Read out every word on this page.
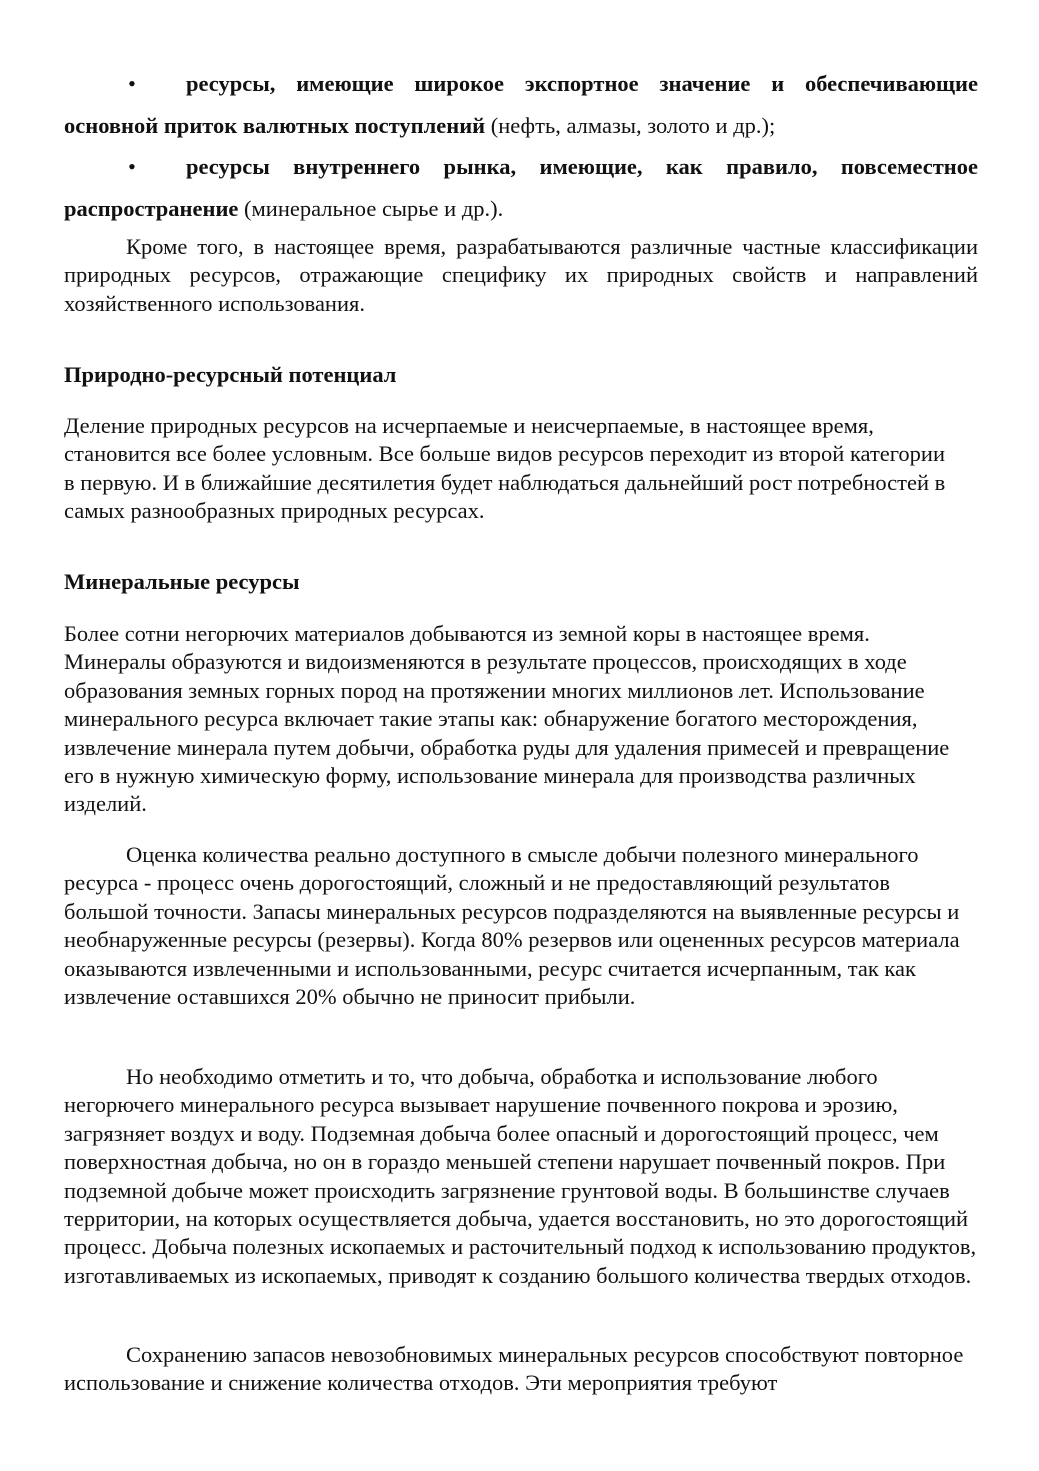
• ресурсы, имеющие широкое экспортное значение и обеспечивающие основной приток валютных поступлений (нефть, алмазы, золото и др.);
• ресурсы внутреннего рынка, имеющие, как правило, повсеместное распространение (минеральное сырье и др.).

Кроме того, в настоящее время, разрабатываются различные частные классификации природных ресурсов, отражающие специфику их природных свойств и направлений хозяйственного использования.

Природно-ресурсный потенциал

Деление природных ресурсов на исчерпаемые и неисчерпаемые, в настоящее время, становится все более условным. Все больше видов ресурсов переходит из второй категории в первую. И в ближайшие десятилетия будет наблюдаться дальнейший рост потребностей в самых разнообразных природных ресурсах.

Минеральные ресурсы

Более сотни негорючих материалов добываются из земной коры в настоящее время. Минералы образуются и видоизменяются в результате процессов, происходящих в ходе образования земных горных пород на протяжении многих миллионов лет. Использование минерального ресурса включает такие этапы как: обнаружение богатого месторождения, извлечение минерала путем добычи, обработка руды для удаления примесей и превращение его в нужную химическую форму, использование минерала для производства различных изделий.

Оценка количества реально доступного в смысле добычи полезного минерального ресурса - процесс очень дорогостоящий, сложный и не предоставляющий результатов большой точности. Запасы минеральных ресурсов подразделяются на выявленные ресурсы и необнаруженные ресурсы (резервы). Когда 80% резервов или оцененных ресурсов материала оказываются извлеченными и использованными, ресурс считается исчерпанным, так как извлечение оставшихся 20% обычно не приносит прибыли.

Но необходимо отметить и то, что добыча, обработка и использование любого негорючего минерального ресурса вызывает нарушение почвенного покрова и эрозию, загрязняет воздух и воду. Подземная добыча более опасный и дорогостоящий процесс, чем поверхностная добыча, но он в гораздо меньшей степени нарушает почвенный покров. При подземной добыче может происходить загрязнение грунтовой воды. В большинстве случаев территории, на которых осуществляется добыча, удается восстановить, но это дорогостоящий процесс. Добыча полезных ископаемых и расточительный подход к использованию продуктов, изготавливаемых из ископаемых, приводят к созданию большого количества твердых отходов.

Сохранению запасов невозобновимых минеральных ресурсов способствуют повторное использование и снижение количества отходов. Эти мероприятия требуют
